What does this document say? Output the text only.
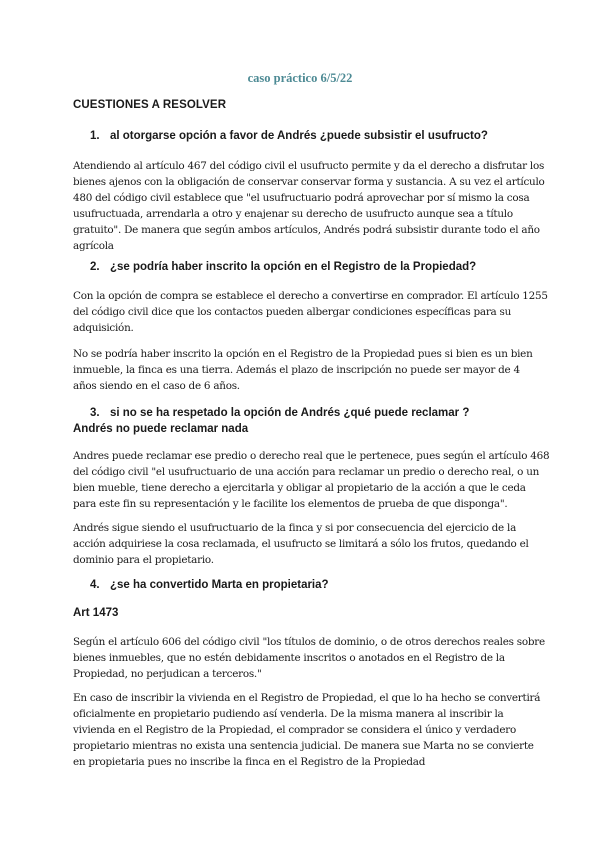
caso práctico 6/5/22
CUESTIONES A RESOLVER
1. al otorgarse opción a favor de Andrés ¿puede subsistir el usufructo?
Atendiendo al artículo 467 del código civil el usufructo permite y da el derecho a disfrutar los
bienes ajenos con la obligación de conservar conservar forma y sustancia. A su vez el artículo
480 del código civil establece que "el usufructuario podrá aprovechar por sí mismo la cosa
usufructuada, arrendarla a otro y enajenar su derecho de usufructo aunque sea a título
gratuito". De manera que según ambos artículos, Andrés podrá subsistir durante todo el año
agrícola
2. ¿se podría haber inscrito la opción en el Registro de la Propiedad?
Con la opción de compra se establece el derecho a convertirse en comprador. El artículo 1255
del código civil dice que los contactos pueden albergar condiciones específicas para su
adquisición.
No se podría haber inscrito la opción en el Registro de la Propiedad pues si bien es un bien
inmueble, la finca es una tierra. Además el plazo de inscripción no puede ser mayor de 4
años siendo en el caso de 6 años.
3. si no se ha respetado la opción de Andrés ¿qué puede reclamar ?
Andrés no puede reclamar nada
Andres puede reclamar ese predio o derecho real que le pertenece, pues según el artículo 468
del código civil "el usufructuario de una acción para reclamar un predio o derecho real, o un
bien mueble, tiene derecho a ejercitarla y obligar al propietario de la acción a que le ceda
para este fin su representación y le facilite los elementos de prueba de que disponga".
Andrés sigue siendo el usufructuario de la finca y si por consecuencia del ejercicio de la
acción adquiriese la cosa reclamada, el usufructo se limitará a sólo los frutos, quedando el
dominio para el propietario.
4. ¿se ha convertido Marta en propietaria?
Art 1473
Según el artículo 606 del código civil "los títulos de dominio, o de otros derechos reales sobre
bienes inmuebles, que no estén debidamente inscritos o anotados en el Registro de la
Propiedad, no perjudican a terceros."
En caso de inscribir la vivienda en el Registro de Propiedad, el que lo ha hecho se convertirá
oficialmente en propietario pudiendo así venderla. De la misma manera al inscribir la
vivienda en el Registro de la Propiedad, el comprador se considera el único y verdadero
propietario mientras no exista una sentencia judicial. De manera sue Marta no se convierte
en propietaria pues no inscribe la finca en el Registro de la Propiedad
